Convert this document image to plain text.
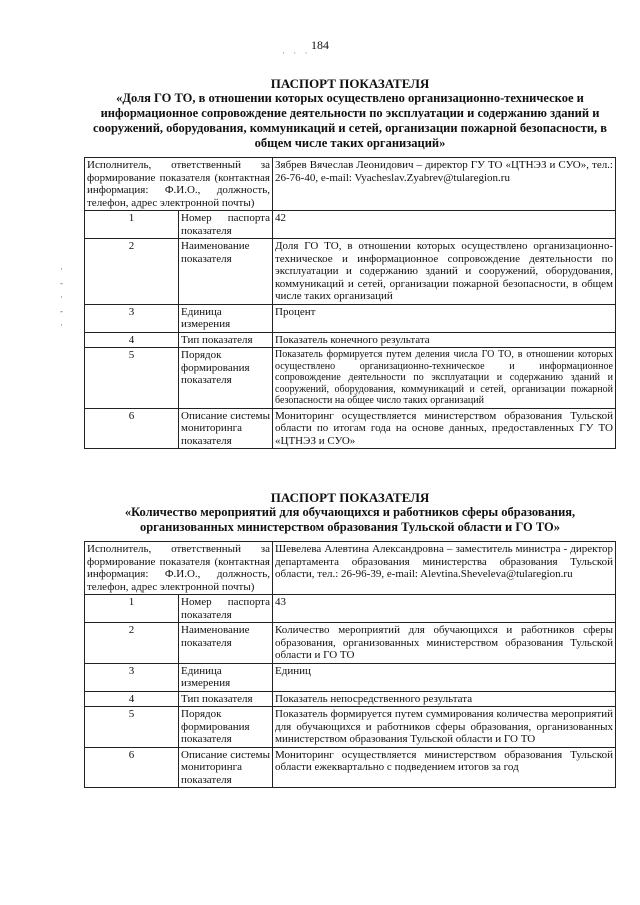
184
· · ·
·
‐
·
‐
·
ПАСПОРТ ПОКАЗАТЕЛЯ
«Доля ГО ТО, в отношении которых осуществлено организационно-техническое и информационное сопровождение деятельности по эксплуатации и содержанию зданий и сооружений, оборудования, коммуникаций и сетей, организации пожарной безопасности, в общем числе таких организаций»
Исполнитель, ответственный за формирование показателя (контактная информация: Ф.И.О., должность, телефон, адрес электронной почты)		Зябрев Вячеслав Леонидович – директор ГУ ТО «ЦТНЭЗ и СУО», тел.: 26-76-40, e-mail: Vyacheslav.Zyabrev@tularegion.ru
1	Номер паспорта показателя	42
2	Наименование показателя	Доля ГО ТО, в отношении которых осуществлено организационно-техническое и информационное сопровождение деятельности по эксплуатации и содержанию зданий и сооружений, оборудования, коммуникаций и сетей, организации пожарной безопасности, в общем числе таких организаций
3	Единица измерения	Процент
4	Тип показателя	Показатель конечного результата
5	Порядок формирования показателя	Показатель формируется путем деления числа ГО ТО, в отношении которых осуществлено организационно-техническое и информационное сопровождение деятельности по эксплуатации и содержанию зданий и сооружений, оборудования, коммуникаций и сетей, организации пожарной безопасности на общее число таких организаций
6	Описание системы мониторинга показателя	Мониторинг осуществляется министерством образования Тульской области по итогам года на основе данных, предоставленных ГУ ТО «ЦТНЭЗ и СУО»
ПАСПОРТ ПОКАЗАТЕЛЯ
«Количество мероприятий для обучающихся и работников сферы образования, организованных министерством образования Тульской области и ГО ТО»
Исполнитель, ответственный за формирование показателя (контактная информация: Ф.И.О., должность, телефон, адрес электронной почты)		Шевелева Алевтина Александровна – заместитель министра - директор департамента образования министерства образования Тульской области, тел.: 26-96-39, e-mail: Alevtina.Sheveleva@tularegion.ru
1	Номер паспорта показателя	43
2	Наименование показателя	Количество мероприятий для обучающихся и работников сферы образования, организованных министерством образования Тульской области и ГО ТО
3	Единица измерения	Единиц
4	Тип показателя	Показатель непосредственного результата
5	Порядок формирования показателя	Показатель формируется путем суммирования количества мероприятий для обучающихся и работников сферы образования, организованных министерством образования Тульской области и ГО ТО
6	Описание системы мониторинга показателя	Мониторинг осуществляется министерством образования Тульской области ежеквартально с подведением итогов за год
